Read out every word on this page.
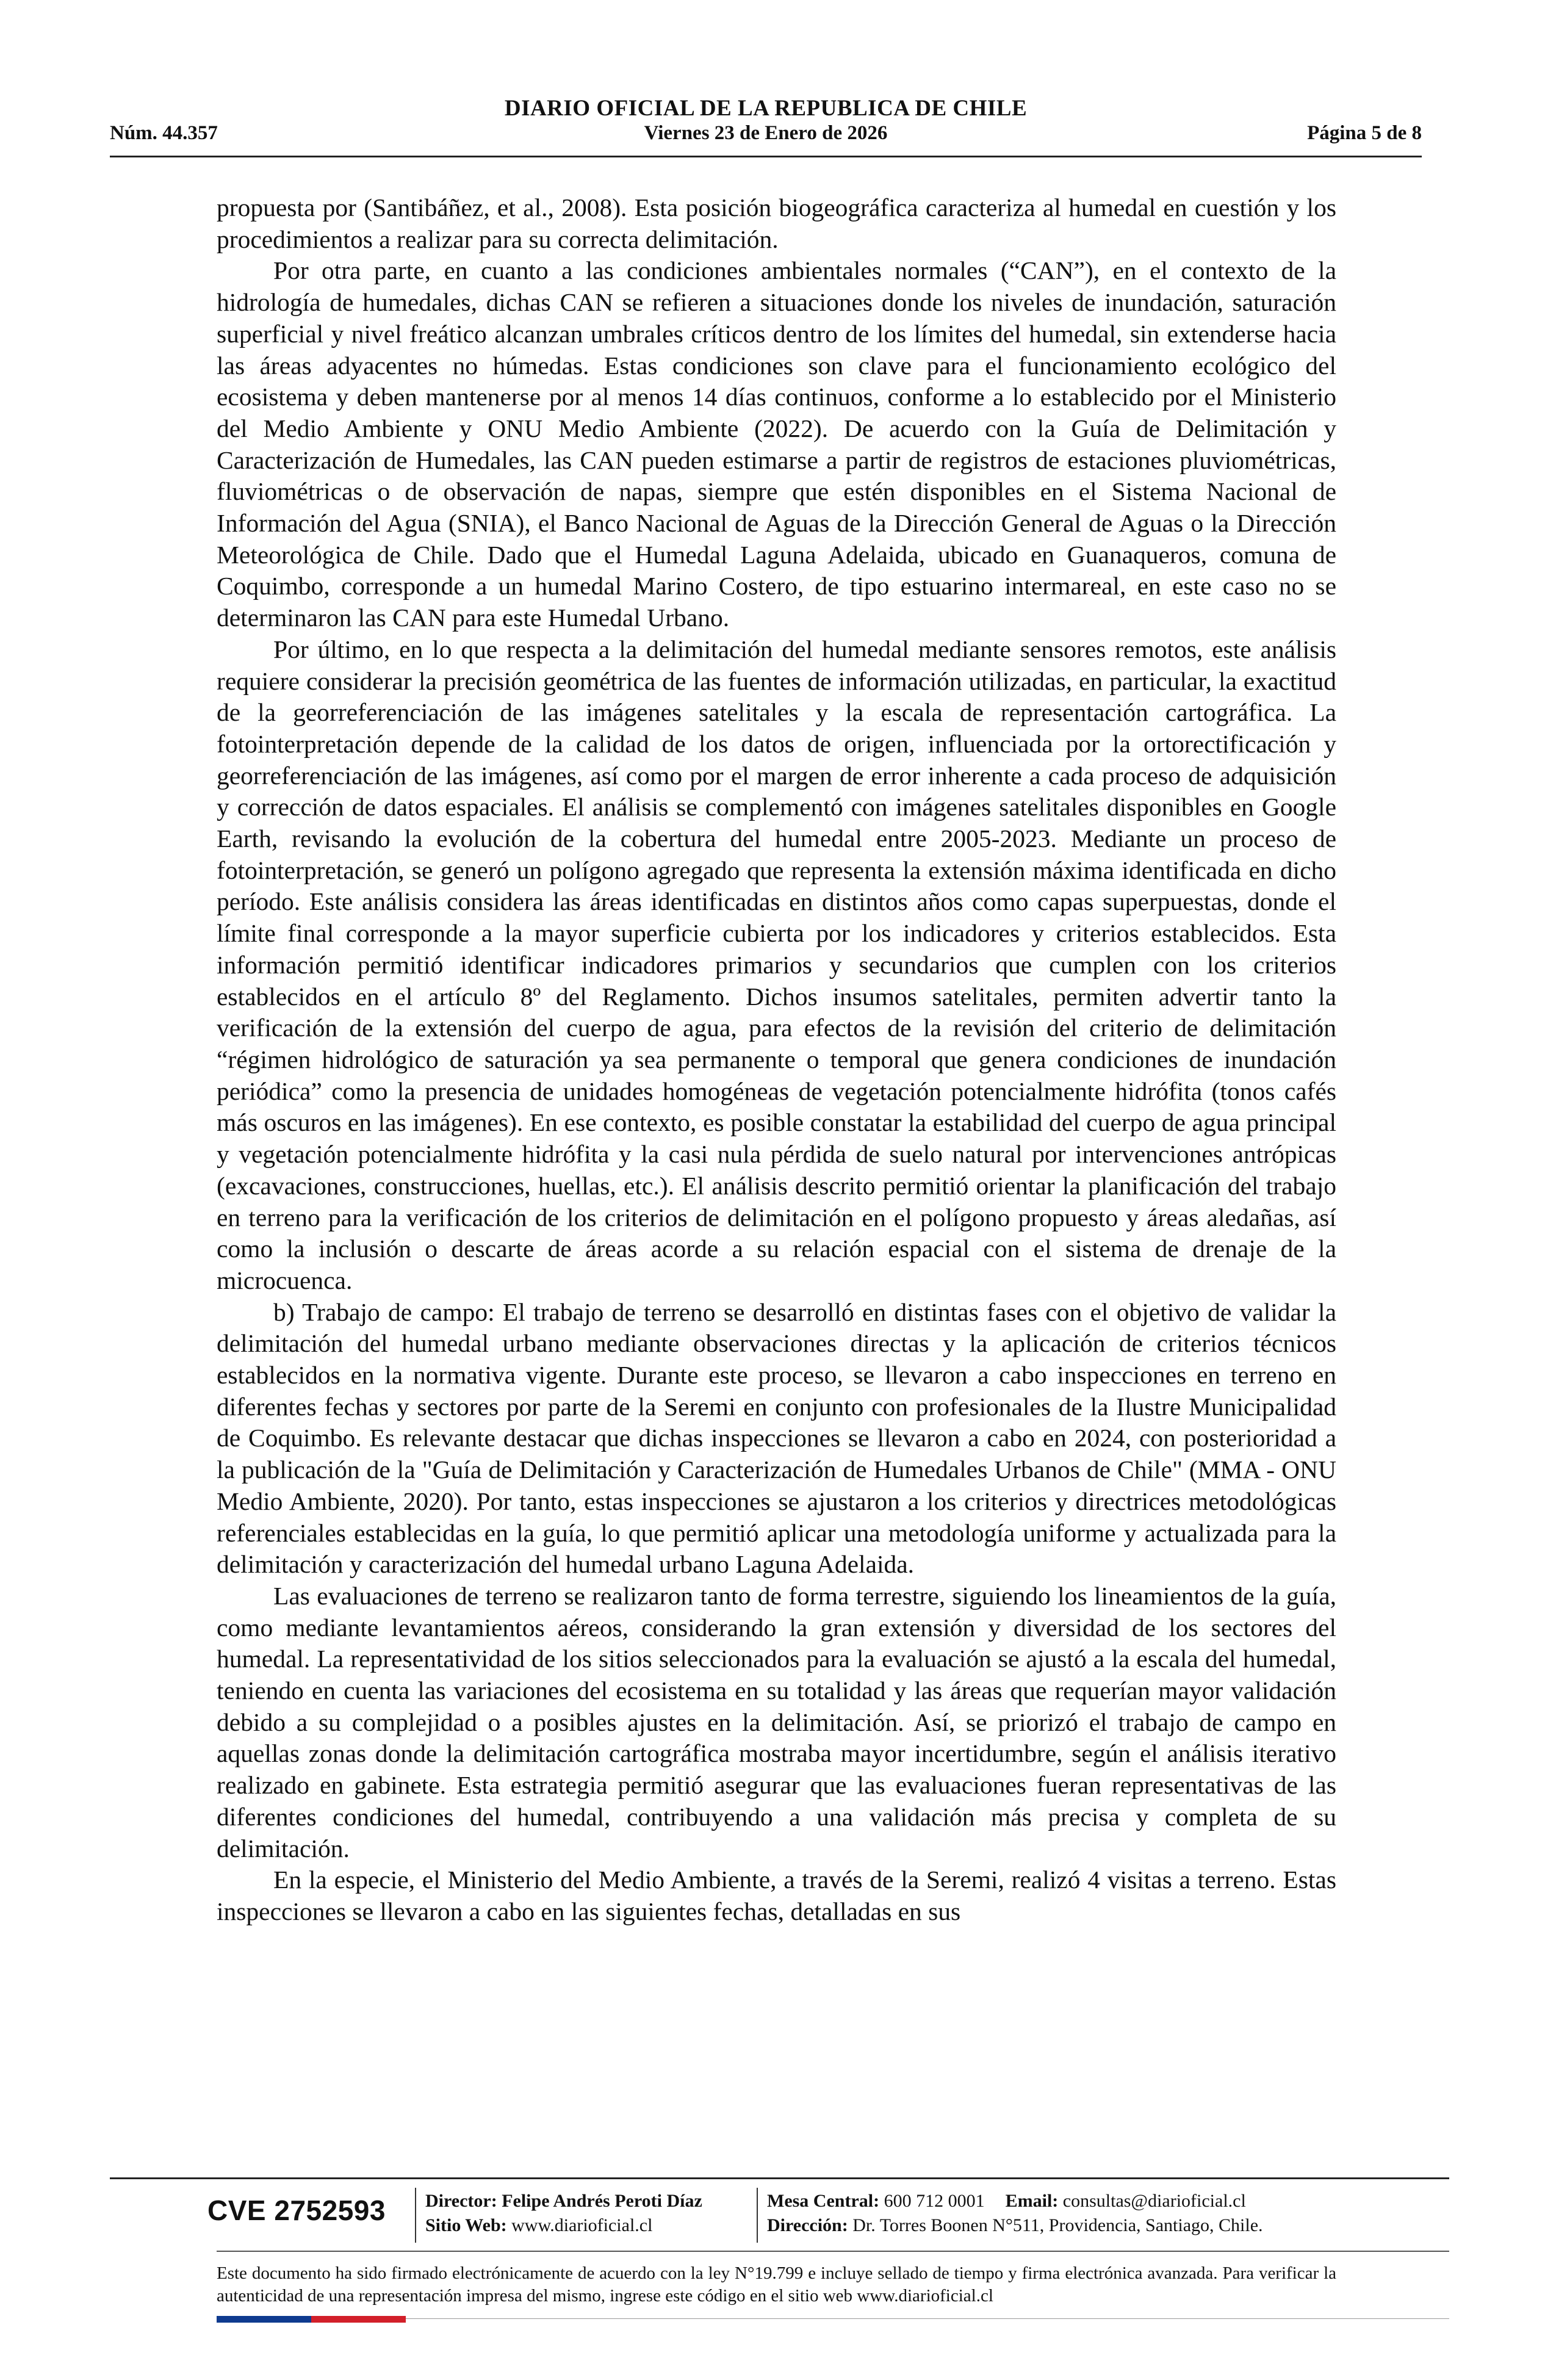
DIARIO OFICIAL DE LA REPUBLICA DE CHILE
Núm. 44.357	Viernes 23 de Enero de 2026	Página 5 de 8

propuesta por (Santibáñez, et al., 2008). Esta posición biogeográfica caracteriza al humedal en cuestión y los procedimientos a realizar para su correcta delimitación.

Por otra parte, en cuanto a las condiciones ambientales normales (“CAN”), en el contexto de la hidrología de humedales, dichas CAN se refieren a situaciones donde los niveles de inundación, saturación superficial y nivel freático alcanzan umbrales críticos dentro de los límites del humedal, sin extenderse hacia las áreas adyacentes no húmedas. Estas condiciones son clave para el funcionamiento ecológico del ecosistema y deben mantenerse por al menos 14 días continuos, conforme a lo establecido por el Ministerio del Medio Ambiente y ONU Medio Ambiente (2022). De acuerdo con la Guía de Delimitación y Caracterización de Humedales, las CAN pueden estimarse a partir de registros de estaciones pluviométricas, fluviométricas o de observación de napas, siempre que estén disponibles en el Sistema Nacional de Información del Agua (SNIA), el Banco Nacional de Aguas de la Dirección General de Aguas o la Dirección Meteorológica de Chile. Dado que el Humedal Laguna Adelaida, ubicado en Guanaqueros, comuna de Coquimbo, corresponde a un humedal Marino Costero, de tipo estuarino intermareal, en este caso no se determinaron las CAN para este Humedal Urbano.

Por último, en lo que respecta a la delimitación del humedal mediante sensores remotos, este análisis requiere considerar la precisión geométrica de las fuentes de información utilizadas, en particular, la exactitud de la georreferenciación de las imágenes satelitales y la escala de representación cartográfica. La fotointerpretación depende de la calidad de los datos de origen, influenciada por la ortorectificación y georreferenciación de las imágenes, así como por el margen de error inherente a cada proceso de adquisición y corrección de datos espaciales. El análisis se complementó con imágenes satelitales disponibles en Google Earth, revisando la evolución de la cobertura del humedal entre 2005-2023. Mediante un proceso de fotointerpretación, se generó un polígono agregado que representa la extensión máxima identificada en dicho período. Este análisis considera las áreas identificadas en distintos años como capas superpuestas, donde el límite final corresponde a la mayor superficie cubierta por los indicadores y criterios establecidos. Esta información permitió identificar indicadores primarios y secundarios que cumplen con los criterios establecidos en el artículo 8º del Reglamento. Dichos insumos satelitales, permiten advertir tanto la verificación de la extensión del cuerpo de agua, para efectos de la revisión del criterio de delimitación “régimen hidrológico de saturación ya sea permanente o temporal que genera condiciones de inundación periódica” como la presencia de unidades homogéneas de vegetación potencialmente hidrófita (tonos cafés más oscuros en las imágenes). En ese contexto, es posible constatar la estabilidad del cuerpo de agua principal y vegetación potencialmente hidrófita y la casi nula pérdida de suelo natural por intervenciones antrópicas (excavaciones, construcciones, huellas, etc.). El análisis descrito permitió orientar la planificación del trabajo en terreno para la verificación de los criterios de delimitación en el polígono propuesto y áreas aledañas, así como la inclusión o descarte de áreas acorde a su relación espacial con el sistema de drenaje de la microcuenca.

b) Trabajo de campo: El trabajo de terreno se desarrolló en distintas fases con el objetivo de validar la delimitación del humedal urbano mediante observaciones directas y la aplicación de criterios técnicos establecidos en la normativa vigente. Durante este proceso, se llevaron a cabo inspecciones en terreno en diferentes fechas y sectores por parte de la Seremi en conjunto con profesionales de la Ilustre Municipalidad de Coquimbo. Es relevante destacar que dichas inspecciones se llevaron a cabo en 2024, con posterioridad a la publicación de la "Guía de Delimitación y Caracterización de Humedales Urbanos de Chile" (MMA - ONU Medio Ambiente, 2020). Por tanto, estas inspecciones se ajustaron a los criterios y directrices metodológicas referenciales establecidas en la guía, lo que permitió aplicar una metodología uniforme y actualizada para la delimitación y caracterización del humedal urbano Laguna Adelaida.

Las evaluaciones de terreno se realizaron tanto de forma terrestre, siguiendo los lineamientos de la guía, como mediante levantamientos aéreos, considerando la gran extensión y diversidad de los sectores del humedal. La representatividad de los sitios seleccionados para la evaluación se ajustó a la escala del humedal, teniendo en cuenta las variaciones del ecosistema en su totalidad y las áreas que requerían mayor validación debido a su complejidad o a posibles ajustes en la delimitación. Así, se priorizó el trabajo de campo en aquellas zonas donde la delimitación cartográfica mostraba mayor incertidumbre, según el análisis iterativo realizado en gabinete. Esta estrategia permitió asegurar que las evaluaciones fueran representativas de las diferentes condiciones del humedal, contribuyendo a una validación más precisa y completa de su delimitación.

En la especie, el Ministerio del Medio Ambiente, a través de la Seremi, realizó 4 visitas a terreno. Estas inspecciones se llevaron a cabo en las siguientes fechas, detalladas en sus

CVE 2752593 Director: Felipe Andrés Peroti Díaz
Sitio Web: www.diarioficial.cl
Mesa Central: 600 712 0001 Email: consultas@diarioficial.cl
Dirección: Dr. Torres Boonen N°511, Providencia, Santiago, Chile.
Este documento ha sido firmado electrónicamente de acuerdo con la ley N°19.799 e incluye sellado de tiempo y firma electrónica avanzada. Para verificar la autenticidad de una representación impresa del mismo, ingrese este código en el sitio web www.diarioficial.cl
